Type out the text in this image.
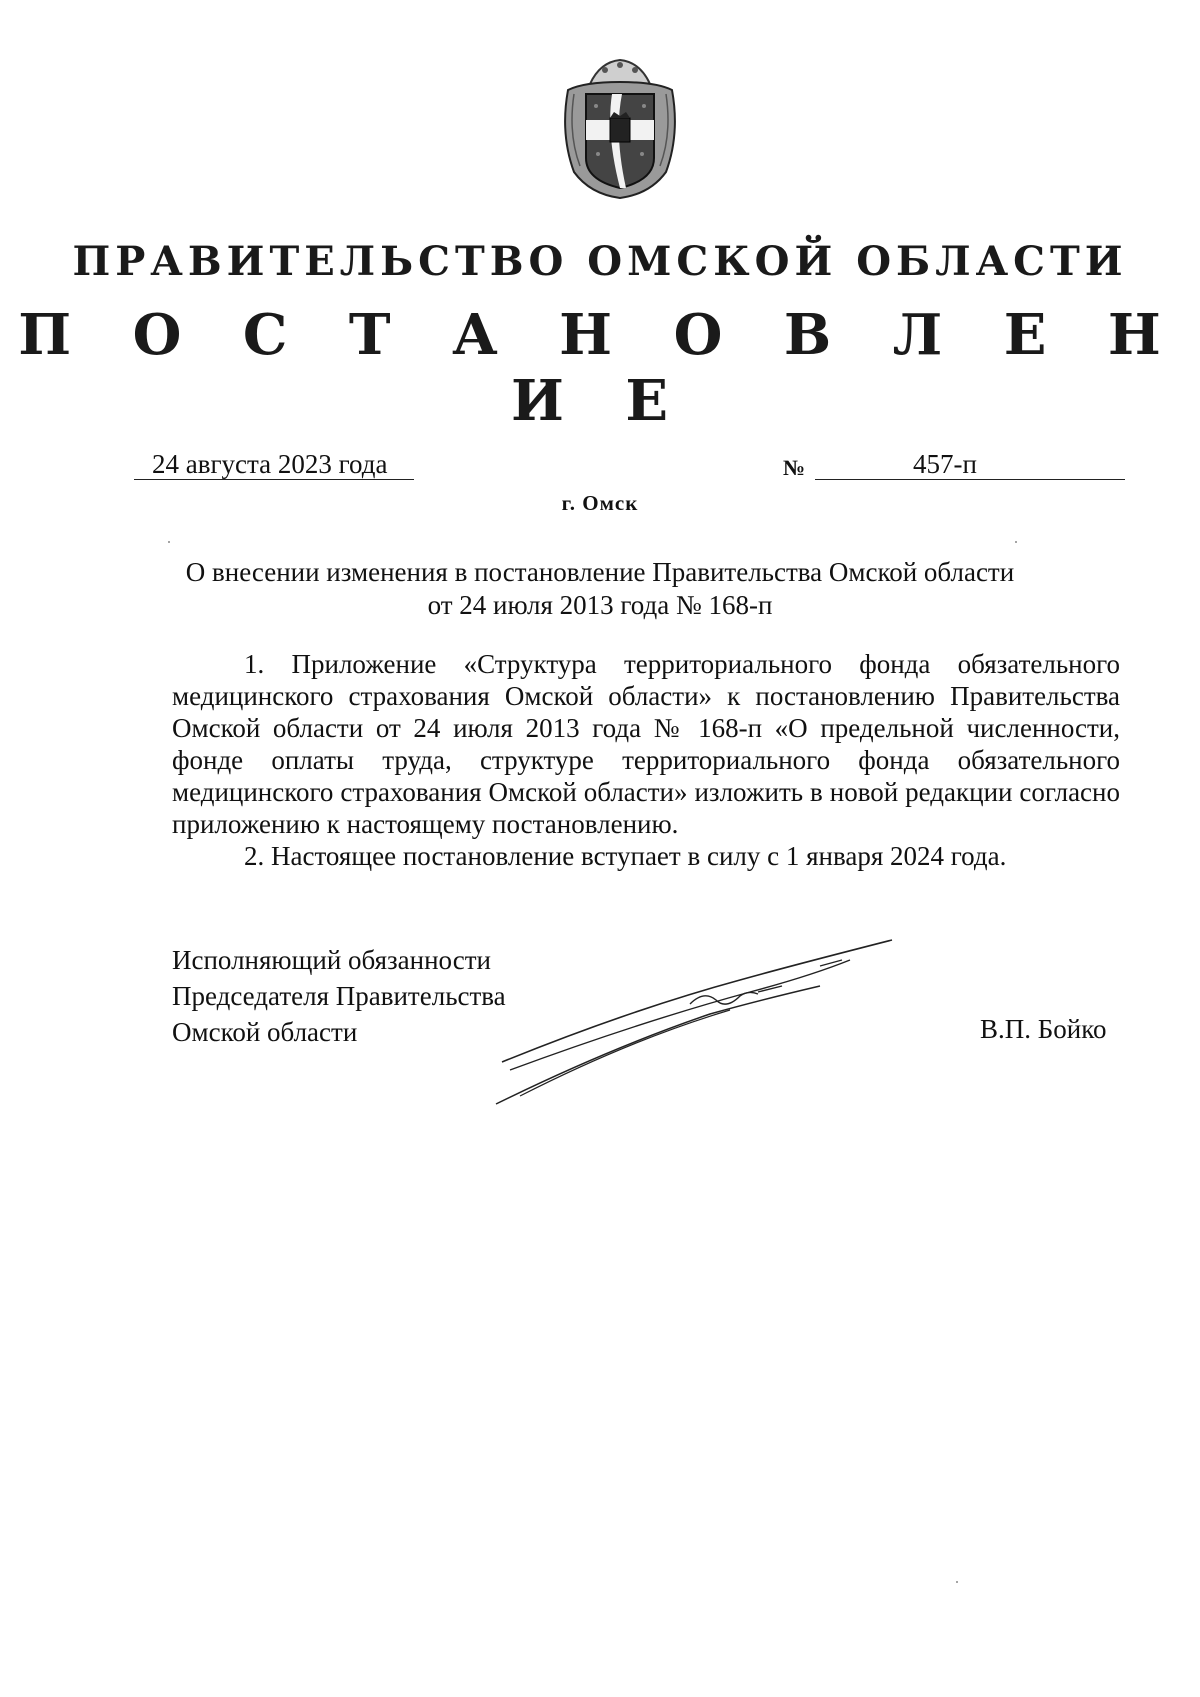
ПРАВИТЕЛЬСТВО ОМСКОЙ ОБЛАСТИ
П О С Т А Н О В Л Е Н И Е
24 августа 2023 года	№	457-п
г. Омск
О внесении изменения в постановление Правительства Омской области
от 24 июля 2013 года № 168-п

1. Приложение «Структура территориального фонда обязательного медицинского страхования Омской области» к постановлению Правительства Омской области от 24 июля 2013 года № 168-п «О предельной численности, фонде оплаты труда, структуре территориального фонда обязательного медицинского страхования Омской области» изложить в новой редакции согласно приложению к настоящему постановлению.

2. Настоящее постановление вступает в силу с 1 января 2024 года.

Исполняющий обязанности
Председателя Правительства
Омской области	В.П. Бойко
